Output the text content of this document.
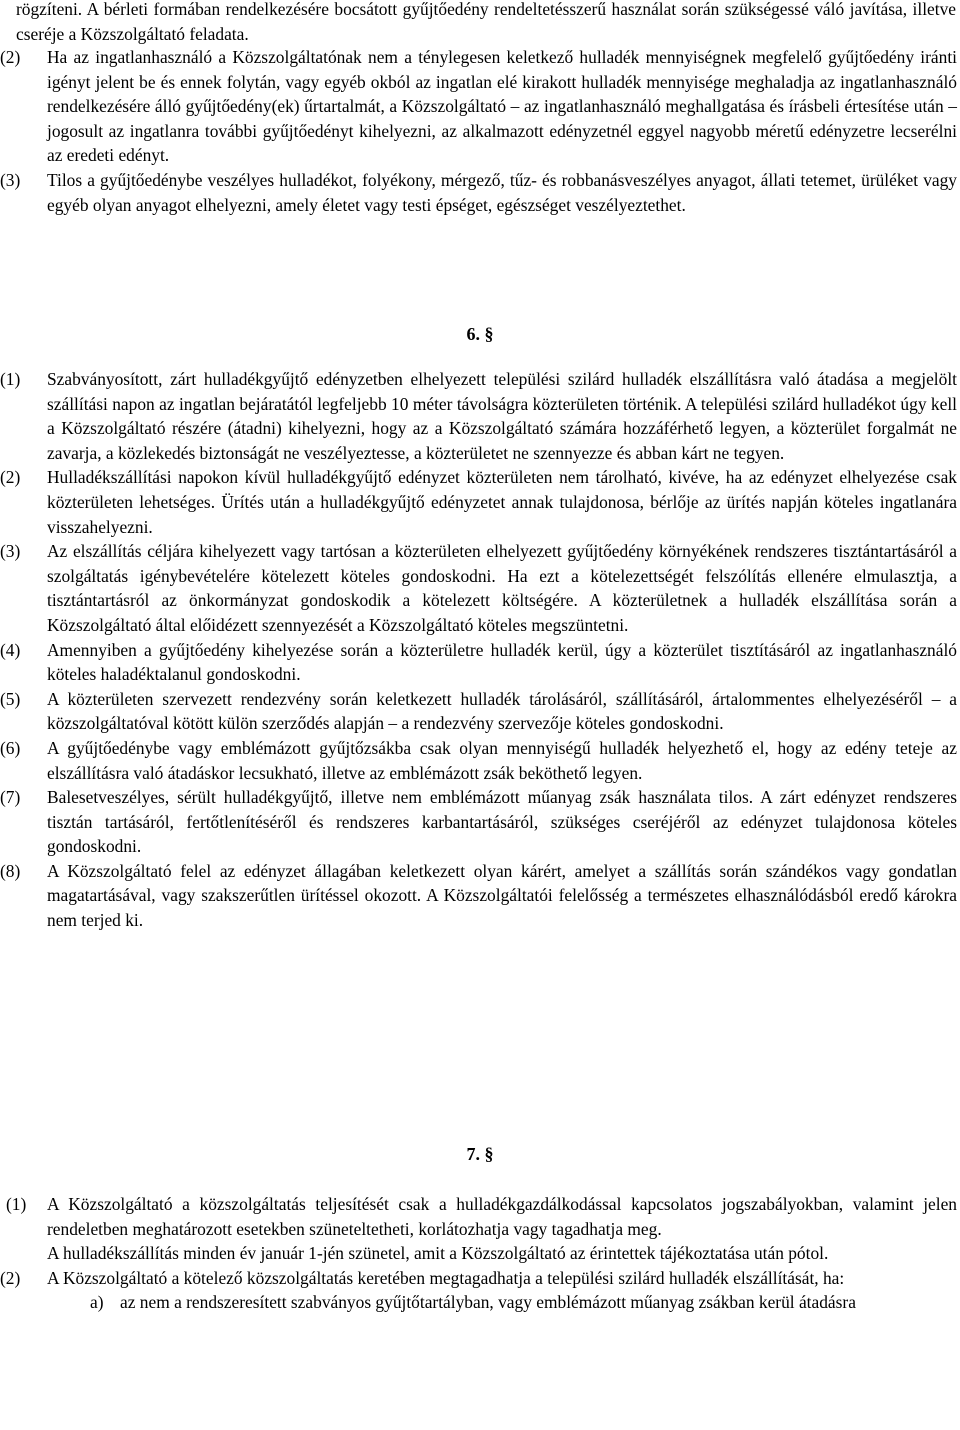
rögzíteni. A bérleti formában rendelkezésére bocsátott gyűjtőedény rendeltetésszerű használat során szükségessé váló javítása, illetve cseréje a Közszolgáltató feladata.

(2) Ha az ingatlanhasználó a Közszolgáltatónak nem a ténylegesen keletkező hulladék mennyiségnek megfelelő gyűjtőedény iránti igényt jelent be és ennek folytán, vagy egyéb okból az ingatlan elé kirakott hulladék mennyisége meghaladja az ingatlanhasználó rendelkezésére álló gyűjtőedény(ek) űrtartalmát, a Közszolgáltató – az ingatlanhasználó meghallgatása és írásbeli értesítése után – jogosult az ingatlanra további gyűjtőedényt kihelyezni, az alkalmazott edényzetnél eggyel nagyobb méretű edényzetre lecserélni az eredeti edényt.
(3) Tilos a gyűjtőedénybe veszélyes hulladékot, folyékony, mérgező, tűz- és robbanásveszélyes anyagot, állati tetemet, ürüléket vagy egyéb olyan anyagot elhelyezni, amely életet vagy testi épséget, egészséget veszélyeztethet.
6. §
(1) Szabványosított, zárt hulladékgyűjtő edényzetben elhelyezett települési szilárd hulladék elszállításra való átadása a megjelölt szállítási napon az ingatlan bejáratától legfeljebb 10 méter távolságra közterületen történik. A települési szilárd hulladékot úgy kell a Közszolgáltató részére (átadni) kihelyezni, hogy az a Közszolgáltató számára hozzáférhető legyen, a közterület forgalmát ne zavarja, a közlekedés biztonságát ne veszélyeztesse, a közterületet ne szennyezze és abban kárt ne tegyen.
(2) Hulladékszállítási napokon kívül hulladékgyűjtő edényzet közterületen nem tárolható, kivéve, ha az edényzet elhelyezése csak közterületen lehetséges. Ürítés után a hulladékgyűjtő edényzetet annak tulajdonosa, bérlője az ürítés napján köteles ingatlanára visszahelyezni.
(3) Az elszállítás céljára kihelyezett vagy tartósan a közterületen elhelyezett gyűjtőedény környékének rendszeres tisztántartásáról a szolgáltatás igénybevételére kötelezett köteles gondoskodni. Ha ezt a kötelezettségét felszólítás ellenére elmulasztja, a tisztántartásról az önkormányzat gondoskodik a kötelezett költségére. A közterületnek a hulladék elszállítása során a Közszolgáltató által előidézett szennyezését a Közszolgáltató köteles megszüntetni.
(4) Amennyiben a gyűjtőedény kihelyezése során a közterületre hulladék kerül, úgy a közterület tisztításáról az ingatlanhasználó köteles haladéktalanul gondoskodni.
(5) A közterületen szervezett rendezvény során keletkezett hulladék tárolásáról, szállításáról, ártalommentes elhelyezéséről – a közszolgáltatóval kötött külön szerződés alapján – a rendezvény szervezője köteles gondoskodni.
(6) A gyűjtőedénybe vagy emblémázott gyűjtőzsákba csak olyan mennyiségű hulladék helyezhető el, hogy az edény teteje az elszállításra való átadáskor lecsukható, illetve az emblémázott zsák beköthető legyen.
(7) Balesetveszélyes, sérült hulladékgyűjtő, illetve nem emblémázott műanyag zsák használata tilos. A zárt edényzet rendszeres tisztán tartásáról, fertőtlenítéséről és rendszeres karbantartásáról, szükséges cseréjéről az edényzet tulajdonosa köteles gondoskodni.
(8) A Közszolgáltató felel az edényzet állagában keletkezett olyan kárért, amelyet a szállítás során szándékos vagy gondatlan magatartásával, vagy szakszerűtlen ürítéssel okozott. A Közszolgáltatói felelősség a természetes elhasználódásból eredő károkra nem terjed ki.
7. §
(1) A Közszolgáltató a közszolgáltatás teljesítését csak a hulladékgazdálkodással kapcsolatos jogszabályokban, valamint jelen rendeletben meghatározott esetekben szüneteltetheti, korlátozhatja vagy tagadhatja meg.

A hulladékszállítás minden év január 1-jén szünetel, amit a Közszolgáltató az érintettek tájékoztatása után pótol.

(2) A Közszolgáltató a kötelező közszolgáltatás keretében megtagadhatja a települési szilárd hulladék elszállítását, ha:
a) az nem a rendszeresített szabványos gyűjtőtartályban, vagy emblémázott műanyag zsákban kerül átadásra
